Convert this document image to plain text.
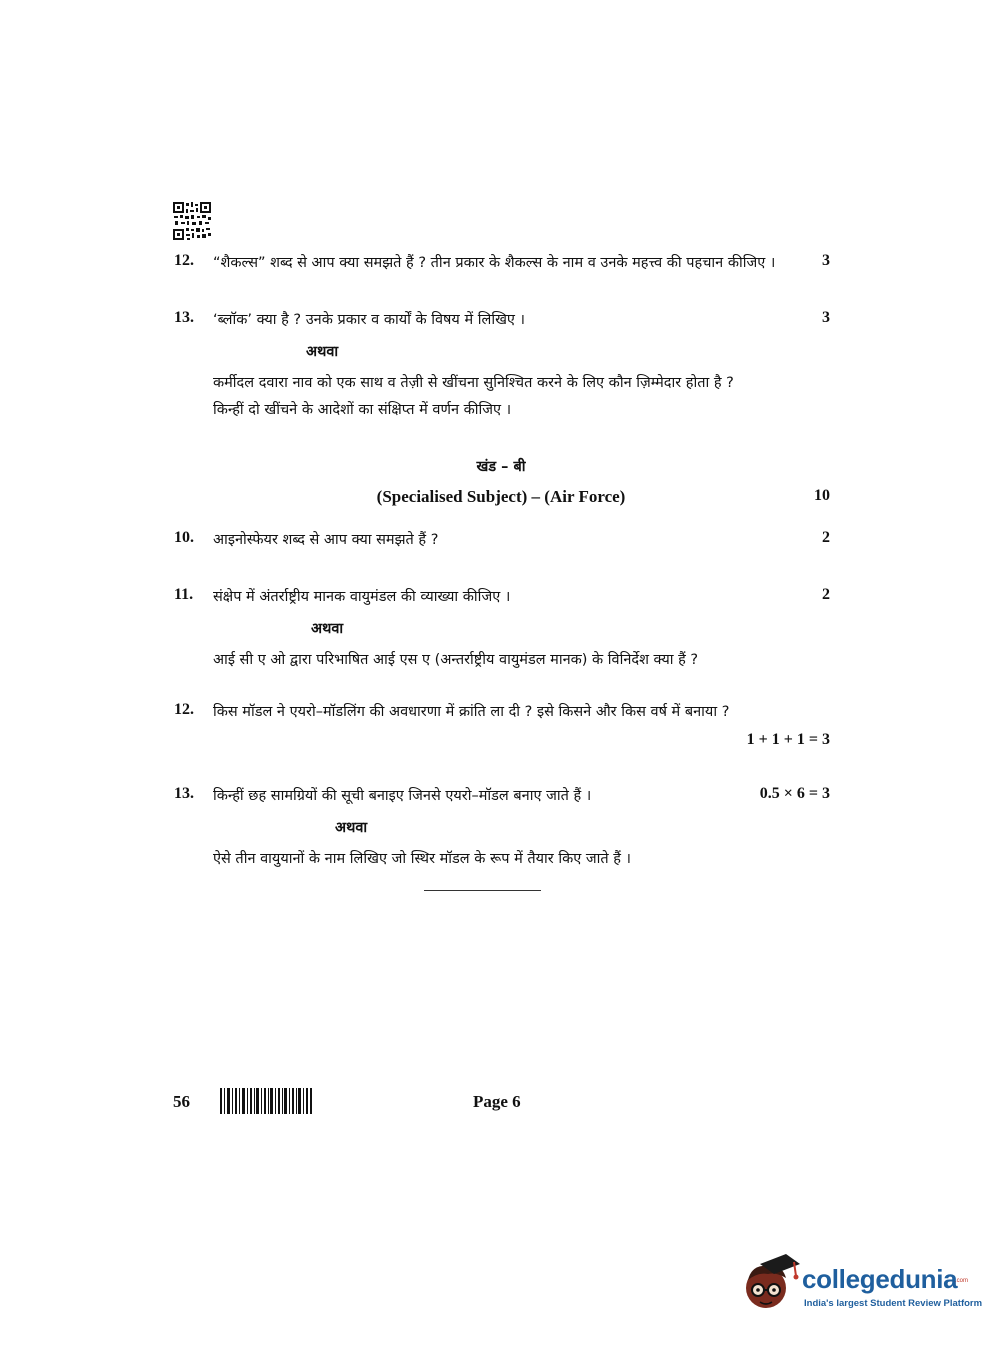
12. “शैकल्स” शब्द से आप क्या समझते हैं ? तीन प्रकार के शैकल्स के नाम व उनके महत्त्व की पहचान कीजिए ।	3
13. ‘ब्लॉक’ क्या है ? उनके प्रकार व कार्यों के विषय में लिखिए ।	3
अथवा
कर्मीदल दवारा नाव को एक साथ व तेज़ी से खींचना सुनिश्चित करने के लिए कौन ज़िम्मेदार होता है ?
किन्हीं दो खींचने के आदेशों का संक्षिप्त में वर्णन कीजिए ।
खंड – बी
(Specialised Subject) – (Air Force)	10
10. आइनोस्फेयर शब्द से आप क्या समझते हैं ?	2
11. संक्षेप में अंतर्राष्ट्रीय मानक वायुमंडल की व्याख्या कीजिए ।	2
अथवा
आई सी ए ओ द्वारा परिभाषित आई एस ए (अन्तर्राष्ट्रीय वायुमंडल मानक) के विनिर्देश क्या हैं ?
12. किस मॉडल ने एयरो–मॉडलिंग की अवधारणा में क्रांति ला दी ? इसे किसने और किस वर्ष में बनाया ?
1 + 1 + 1 = 3
13. किन्हीं छह सामग्रियों की सूची बनाइए जिनसे एयरो–मॉडल बनाए जाते हैं ।	0.5 × 6 = 3
अथवा
ऐसे तीन वायुयानों के नाम लिखिए जो स्थिर मॉडल के रूप में तैयार किए जाते हैं ।
56	Page 6
collegedunia
.com
India's largest Student Review Platform
